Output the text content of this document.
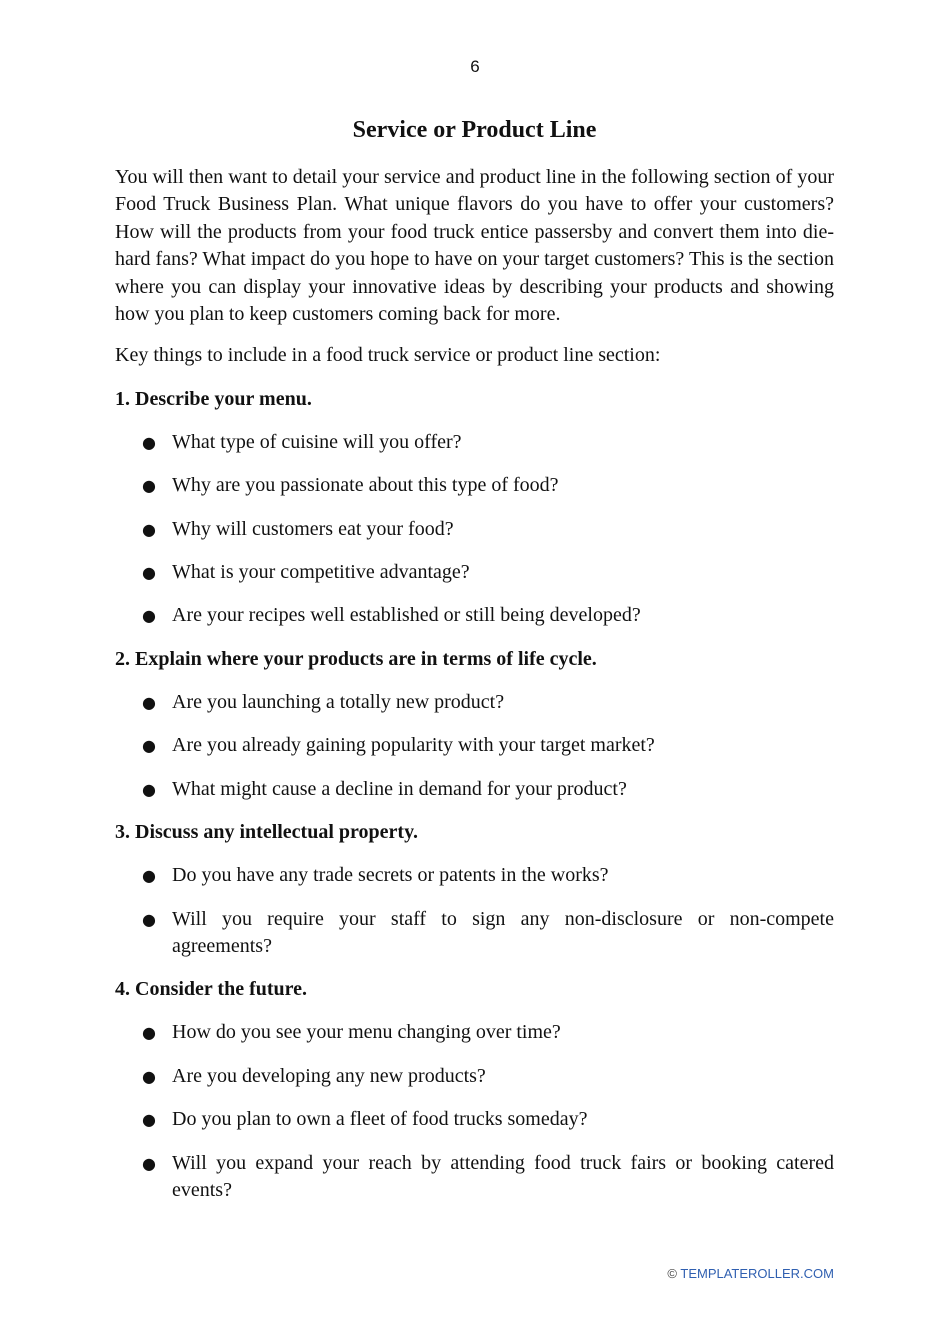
6
Service or Product Line

You will then want to detail your service and product line in the following section of your Food Truck Business Plan. What unique flavors do you have to offer your customers? How will the products from your food truck entice passersby and convert them into die-hard fans? What impact do you hope to have on your target customers? This is the section where you can display your innovative ideas by describing your products and showing how you plan to keep customers coming back for more.

Key things to include in a food truck service or product line section:

1. Describe your menu.
● What type of cuisine will you offer?
● Why are you passionate about this type of food?
● Why will customers eat your food?
● What is your competitive advantage?
● Are your recipes well established or still being developed?
2. Explain where your products are in terms of life cycle.
● Are you launching a totally new product?
● Are you already gaining popularity with your target market?
● What might cause a decline in demand for your product?
3. Discuss any intellectual property.
● Do you have any trade secrets or patents in the works?
● Will you require your staff to sign any non-disclosure or non-compete agreements?
4. Consider the future.
● How do you see your menu changing over time?
● Are you developing any new products?
● Do you plan to own a fleet of food trucks someday?
● Will you expand your reach by attending food truck fairs or booking catered events?
© TEMPLATEROLLER.COM
